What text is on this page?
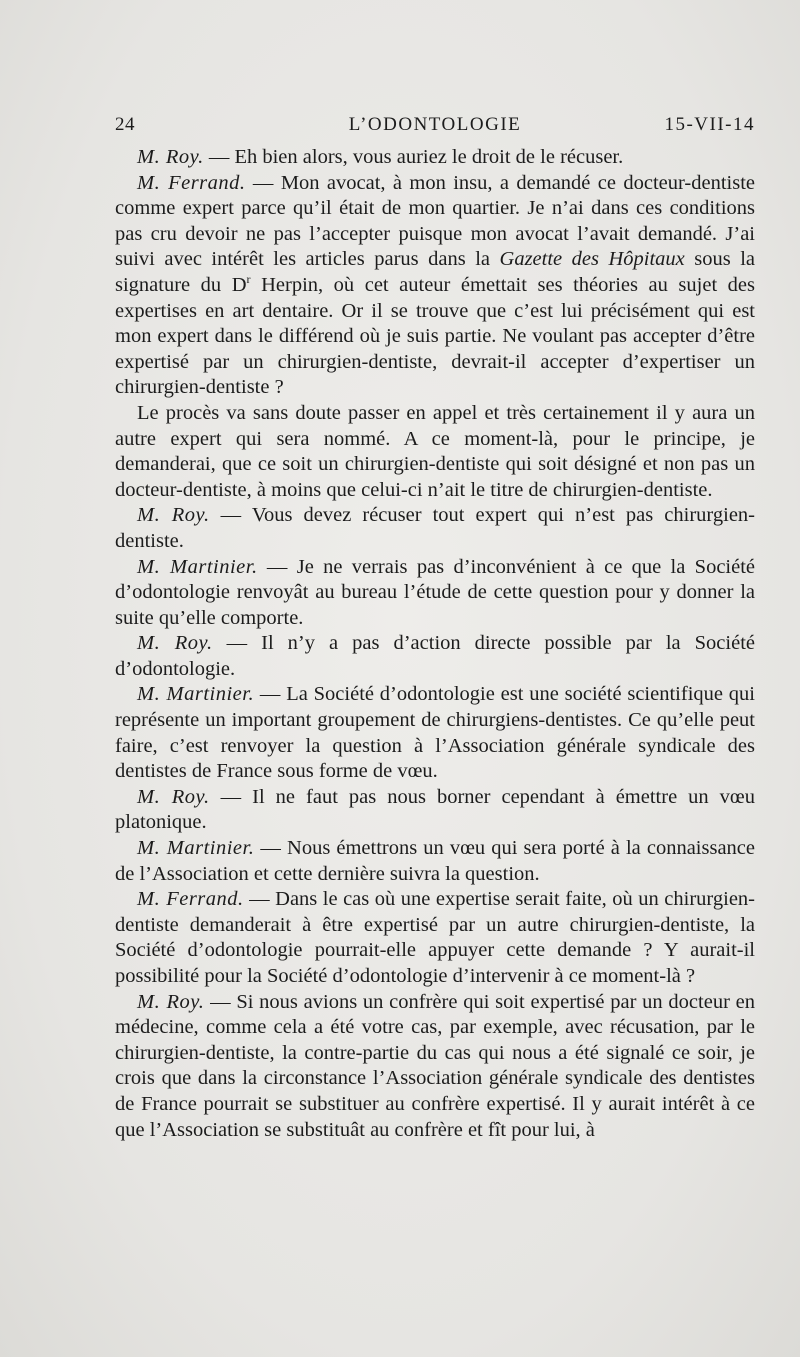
24	L’ODONTOLOGIE	15-VII-14

M. Roy. — Eh bien alors, vous auriez le droit de le récuser.

M. Ferrand. — Mon avocat, à mon insu, a demandé ce docteur-dentiste comme expert parce qu’il était de mon quartier. Je n’ai dans ces conditions pas cru devoir ne pas l’accepter puisque mon avocat l’avait demandé. J’ai suivi avec intérêt les articles parus dans la Gazette des Hôpitaux sous la signature du $D^r$ Herpin, où cet auteur émettait ses théories au sujet des expertises en art dentaire. Or il se trouve que c’est lui précisément qui est mon expert dans le différend où je suis partie. Ne voulant pas accepter d’être expertisé par un chirurgien-dentiste, devrait-il accepter d’expertiser un chirurgien-dentiste ?

Le procès va sans doute passer en appel et très certainement il y aura un autre expert qui sera nommé. A ce moment-là, pour le principe, je demanderai, que ce soit un chirurgien-dentiste qui soit désigné et non pas un docteur-dentiste, à moins que celui-ci n’ait le titre de chirurgien-dentiste.

M. Roy. — Vous devez récuser tout expert qui n’est pas chirurgien-dentiste.

M. Martinier. — Je ne verrais pas d’inconvénient à ce que la Société d’odontologie renvoyât au bureau l’étude de cette question pour y donner la suite qu’elle comporte.

M. Roy. — Il n’y a pas d’action directe possible par la Société d’odontologie.

M. Martinier. — La Société d’odontologie est une société scientifique qui représente un important groupement de chirurgiens-dentistes. Ce qu’elle peut faire, c’est renvoyer la question à l’Association générale syndicale des dentistes de France sous forme de vœu.

M. Roy. — Il ne faut pas nous borner cependant à émettre un vœu platonique.

M. Martinier. — Nous émettrons un vœu qui sera porté à la connaissance de l’Association et cette dernière suivra la question.

M. Ferrand. — Dans le cas où une expertise serait faite, où un chirurgien-dentiste demanderait à être expertisé par un autre chirurgien-dentiste, la Société d’odontologie pourrait-elle appuyer cette demande ? Y aurait-il possibilité pour la Société d’odontologie d’intervenir à ce moment-là ?

M. Roy. — Si nous avions un confrère qui soit expertisé par un docteur en médecine, comme cela a été votre cas, par exemple, avec récusation, par le chirurgien-dentiste, la contre-partie du cas qui nous a été signalé ce soir, je crois que dans la circonstance l’Association générale syndicale des dentistes de France pourrait se substituer au confrère expertisé. Il y aurait intérêt à ce que l’Association se substituât au confrère et fît pour lui, à
